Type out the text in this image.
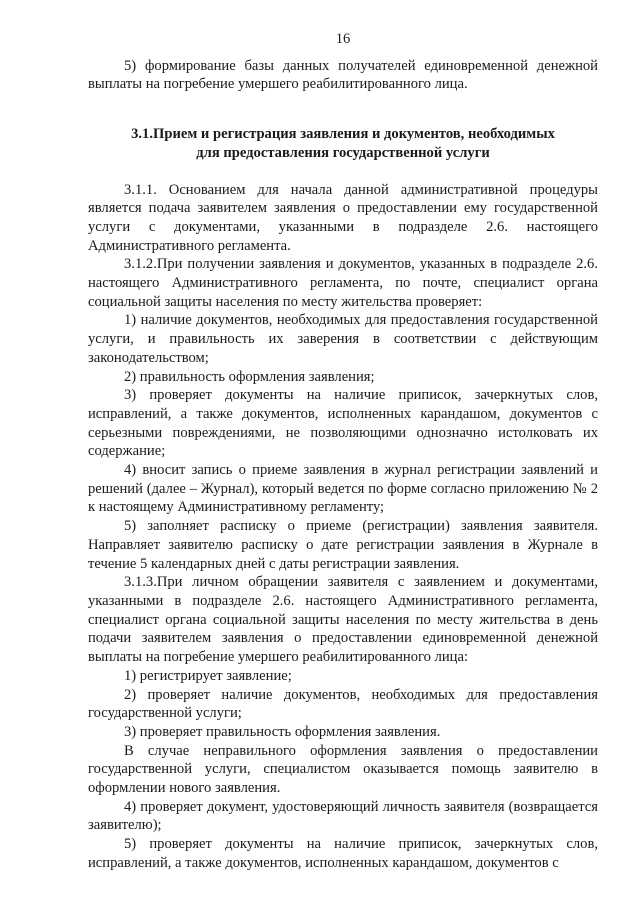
16

5) формирование базы данных получателей единовременной денежной выплаты на погребение умершего реабилитированного лица.

3.1.Прием и регистрация заявления и документов, необходимых
для предоставления государственной услуги

3.1.1. Основанием для начала данной административной процедуры является подача заявителем заявления о предоставлении ему государственной услуги с документами, указанными в подразделе 2.6. настоящего Административного регламента.

3.1.2.При получении заявления и документов, указанных в подразделе 2.6. настоящего Административного регламента, по почте, специалист органа социальной защиты населения по месту жительства проверяет:

1) наличие документов, необходимых для предоставления государственной услуги, и правильность их заверения в соответствии с действующим законодательством;

2) правильность оформления заявления;

3) проверяет документы на наличие приписок, зачеркнутых слов, исправлений, а также документов, исполненных карандашом, документов с серьезными повреждениями, не позволяющими однозначно истолковать их содержание;

4) вносит запись о приеме заявления в журнал регистрации заявлений и решений (далее – Журнал), который ведется по форме согласно приложению № 2 к настоящему Административному регламенту;

5) заполняет расписку о приеме (регистрации) заявления заявителя. Направляет заявителю расписку о дате регистрации заявления в Журнале в течение 5 календарных дней с даты регистрации заявления.

3.1.3.При личном обращении заявителя с заявлением и документами, указанными в подразделе 2.6. настоящего Административного регламента, специалист органа социальной защиты населения по месту жительства в день подачи заявителем заявления о предоставлении единовременной денежной выплаты на погребение умершего реабилитированного лица:

1) регистрирует заявление;

2) проверяет наличие документов, необходимых для предоставления государственной услуги;

3) проверяет правильность оформления заявления.

В случае неправильного оформления заявления о предоставлении государственной услуги, специалистом оказывается помощь заявителю в оформлении нового заявления.

4) проверяет документ, удостоверяющий личность заявителя (возвращается заявителю);

5) проверяет документы на наличие приписок, зачеркнутых слов, исправлений, а также документов, исполненных карандашом, документов с
